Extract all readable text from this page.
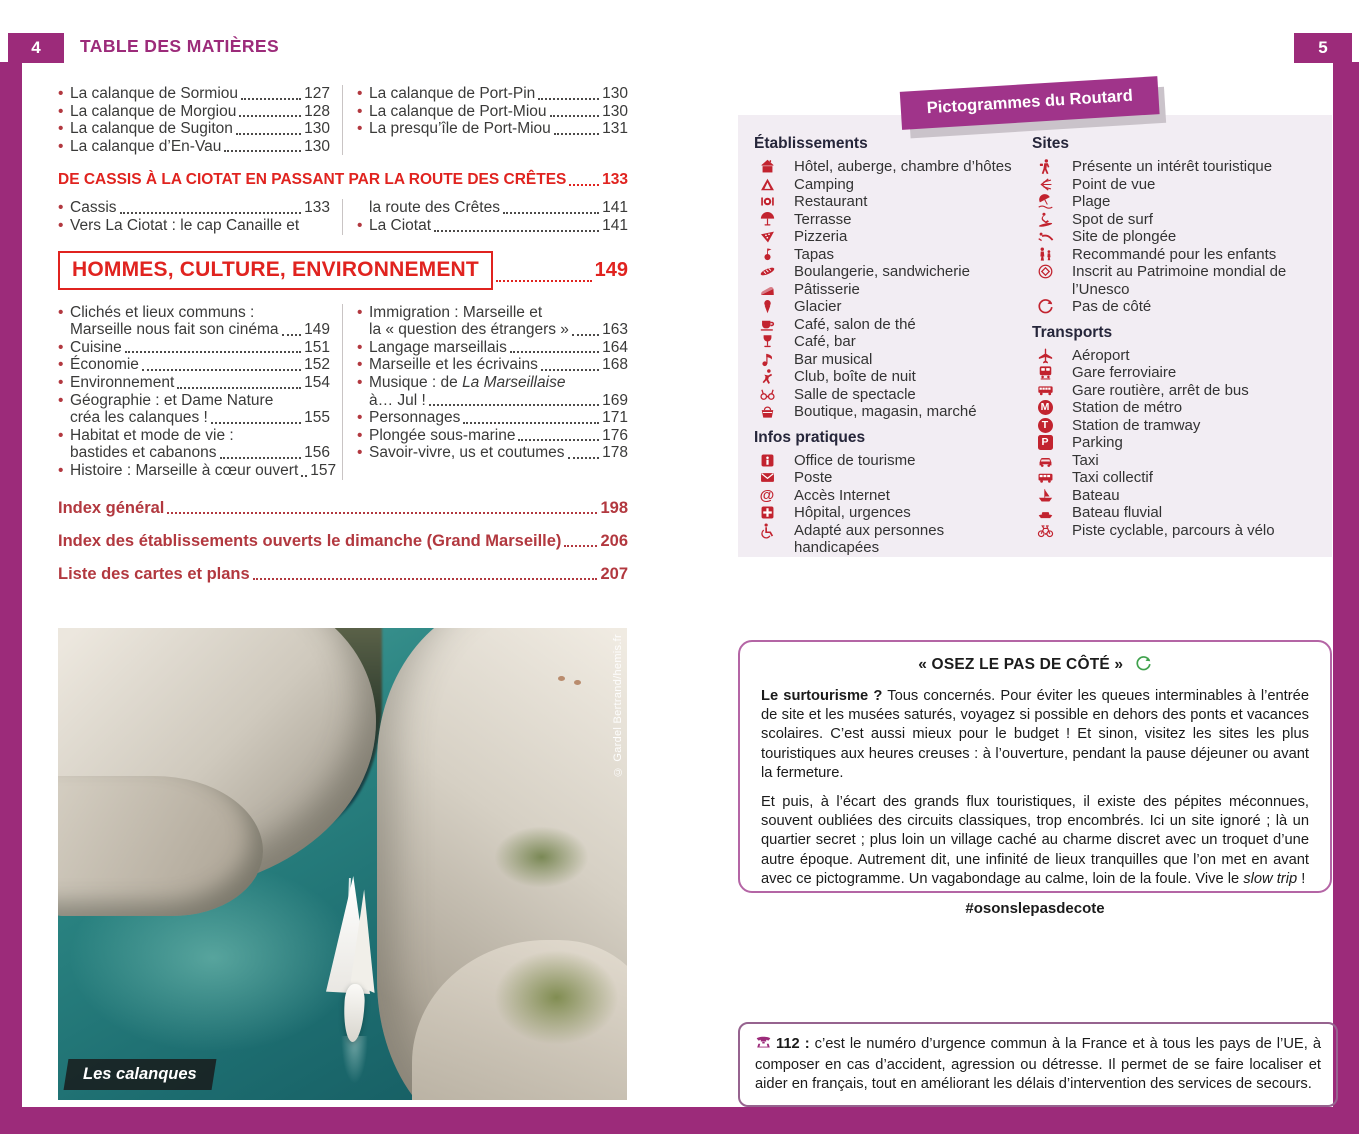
4	5
TABLE DES MATIÈRES
• La calanque de Sormiou	127
• La calanque de Morgiou	128
• La calanque de Sugiton	130
• La calanque d’En-Vau	130
• La calanque de Port-Pin	130
• La calanque de Port-Miou	130
• La presqu’île de Port-Miou	131
DE CASSIS À LA CIOTAT EN PASSANT PAR LA ROUTE DES CRÊTES 133
• Cassis	133
• Vers La Ciotat : le cap Canaille et
la route des Crêtes	141
• La Ciotat	141
HOMMES, CULTURE, ENVIRONNEMENT	149
• Clichés et lieux communs :
Marseille nous fait son cinéma 149
• Cuisine	151
• Économie	152
• Environnement	154
• Géographie : et Dame Nature
créa les calanques !	155
• Habitat et mode de vie :
bastides et cabanons	156
• Histoire : Marseille à cœur ouvert 157
• Immigration : Marseille et
la « question des étrangers » 163
• Langage marseillais	164
• Marseille et les écrivains	168
• Musique : de La Marseillaise
à… Jul !	169
• Personnages	171
• Plongée sous-marine	176
• Savoir-vivre, us et coutumes 178
Index général	198
Index des établissements ouverts le dimanche (Grand Marseille) 206
Liste des cartes et plans	207
© Gardel Bertrand/hemis.fr
Les calanques
Pictogrammes du Routard
Établissements
Hôtel, auberge, chambre d’hôtes
Camping
Restaurant
Terrasse
Pizzeria
Tapas
Boulangerie, sandwicherie
Pâtisserie
Glacier
Café, salon de thé
Café, bar
Bar musical
Club, boîte de nuit
Salle de spectacle
Boutique, magasin, marché
Infos pratiques
Office de tourisme
Poste
@ Accès Internet
Hôpital, urgences
Adapté aux personnes handicapées
Sites
Présente un intérêt touristique
Point de vue
Plage
Spot de surf
Site de plongée
Recommandé pour les enfants
Inscrit au Patrimoine mondial de l’Unesco
Pas de côté
Transports
Aéroport
Gare ferroviaire
Gare routière, arrêt de bus
M Station de métro
T Station de tramway
P Parking
Taxi
Taxi collectif
Bateau
Bateau fluvial
Piste cyclable, parcours à vélo
« OSEZ LE PAS DE CÔTÉ »

Le surtourisme ? Tous concernés. Pour éviter les queues interminables à l’entrée de site et les musées saturés, voyagez si possible en dehors des ponts et vacances scolaires. C’est aussi mieux pour le budget ! Et sinon, visitez les sites les plus touristiques aux heures creuses : à l’ouverture, pendant la pause déjeuner ou avant la fermeture.

Et puis, à l’écart des grands flux touristiques, il existe des pépites méconnues, souvent oubliées des circuits classiques, trop encombrés. Ici un site ignoré ; là un quartier secret ; plus loin un village caché au charme discret avec un troquet d’une autre époque. Autrement dit, une infinité de lieux tranquilles que l’on met en avant avec ce pictogramme. Un vagabondage au calme, loin de la foule. Vive le slow trip !

#osonslepasdecote
112 : c’est le numéro d’urgence commun à la France et à tous les pays de l’UE, à composer en cas d’accident, agression ou détresse. Il permet de se faire localiser et aider en français, tout en améliorant les délais d’intervention des services de secours.
